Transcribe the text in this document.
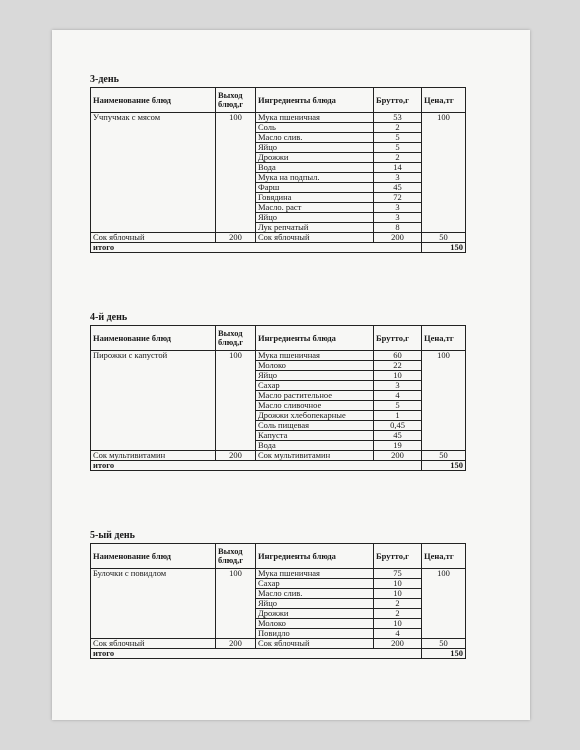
3-день
Наименование блюд	Выход блюд,г	Ингредиенты блюда	Брутто,г	Цена,тг
Учпучмак с мясом	100	Мука пшеничная	53	100
		Соль	2	
		Масло слив.	5	
		Яйцо	5	
		Дрожжи	2	
		Вода	14	
		Мука на подпыл.	3	
		Фарш	45	
		Говядина	72	
		Масло. раст	3	
		Яйцо	3	
		Лук репчатый	8	
Сок яблочный	200	Сок яблочный	200	50
итого				150
4-й день
Наименование блюд	Выход блюд,г	Ингредиенты блюда	Брутто,г	Цена,тг
Пирожки с капустой	100	Мука пшеничная	60	100
		Молоко	22	
		Яйцо	10	
		Сахар	3	
		Масло растительное	4	
		Масло сливочное	5	
		Дрожжи хлебопекарные	1	
		Соль пищевая	0,45	
		Капуста	45	
		Вода	19	
Сок мультивитамин	200	Сок мультивитамин	200	50
итого				150
5-ый день
Наименование блюд	Выход блюд,г	Ингредиенты блюда	Брутто,г	Цена,тг
Булочки с повидлом	100	Мука пшеничная	75	100
		Сахар	10	
		Масло слив.	10	
		Яйцо	2	
		Дрожжи	2	
		Молоко	10	
		Повидло	4	
Сок яблочный	200	Сок яблочный	200	50
итого				150
